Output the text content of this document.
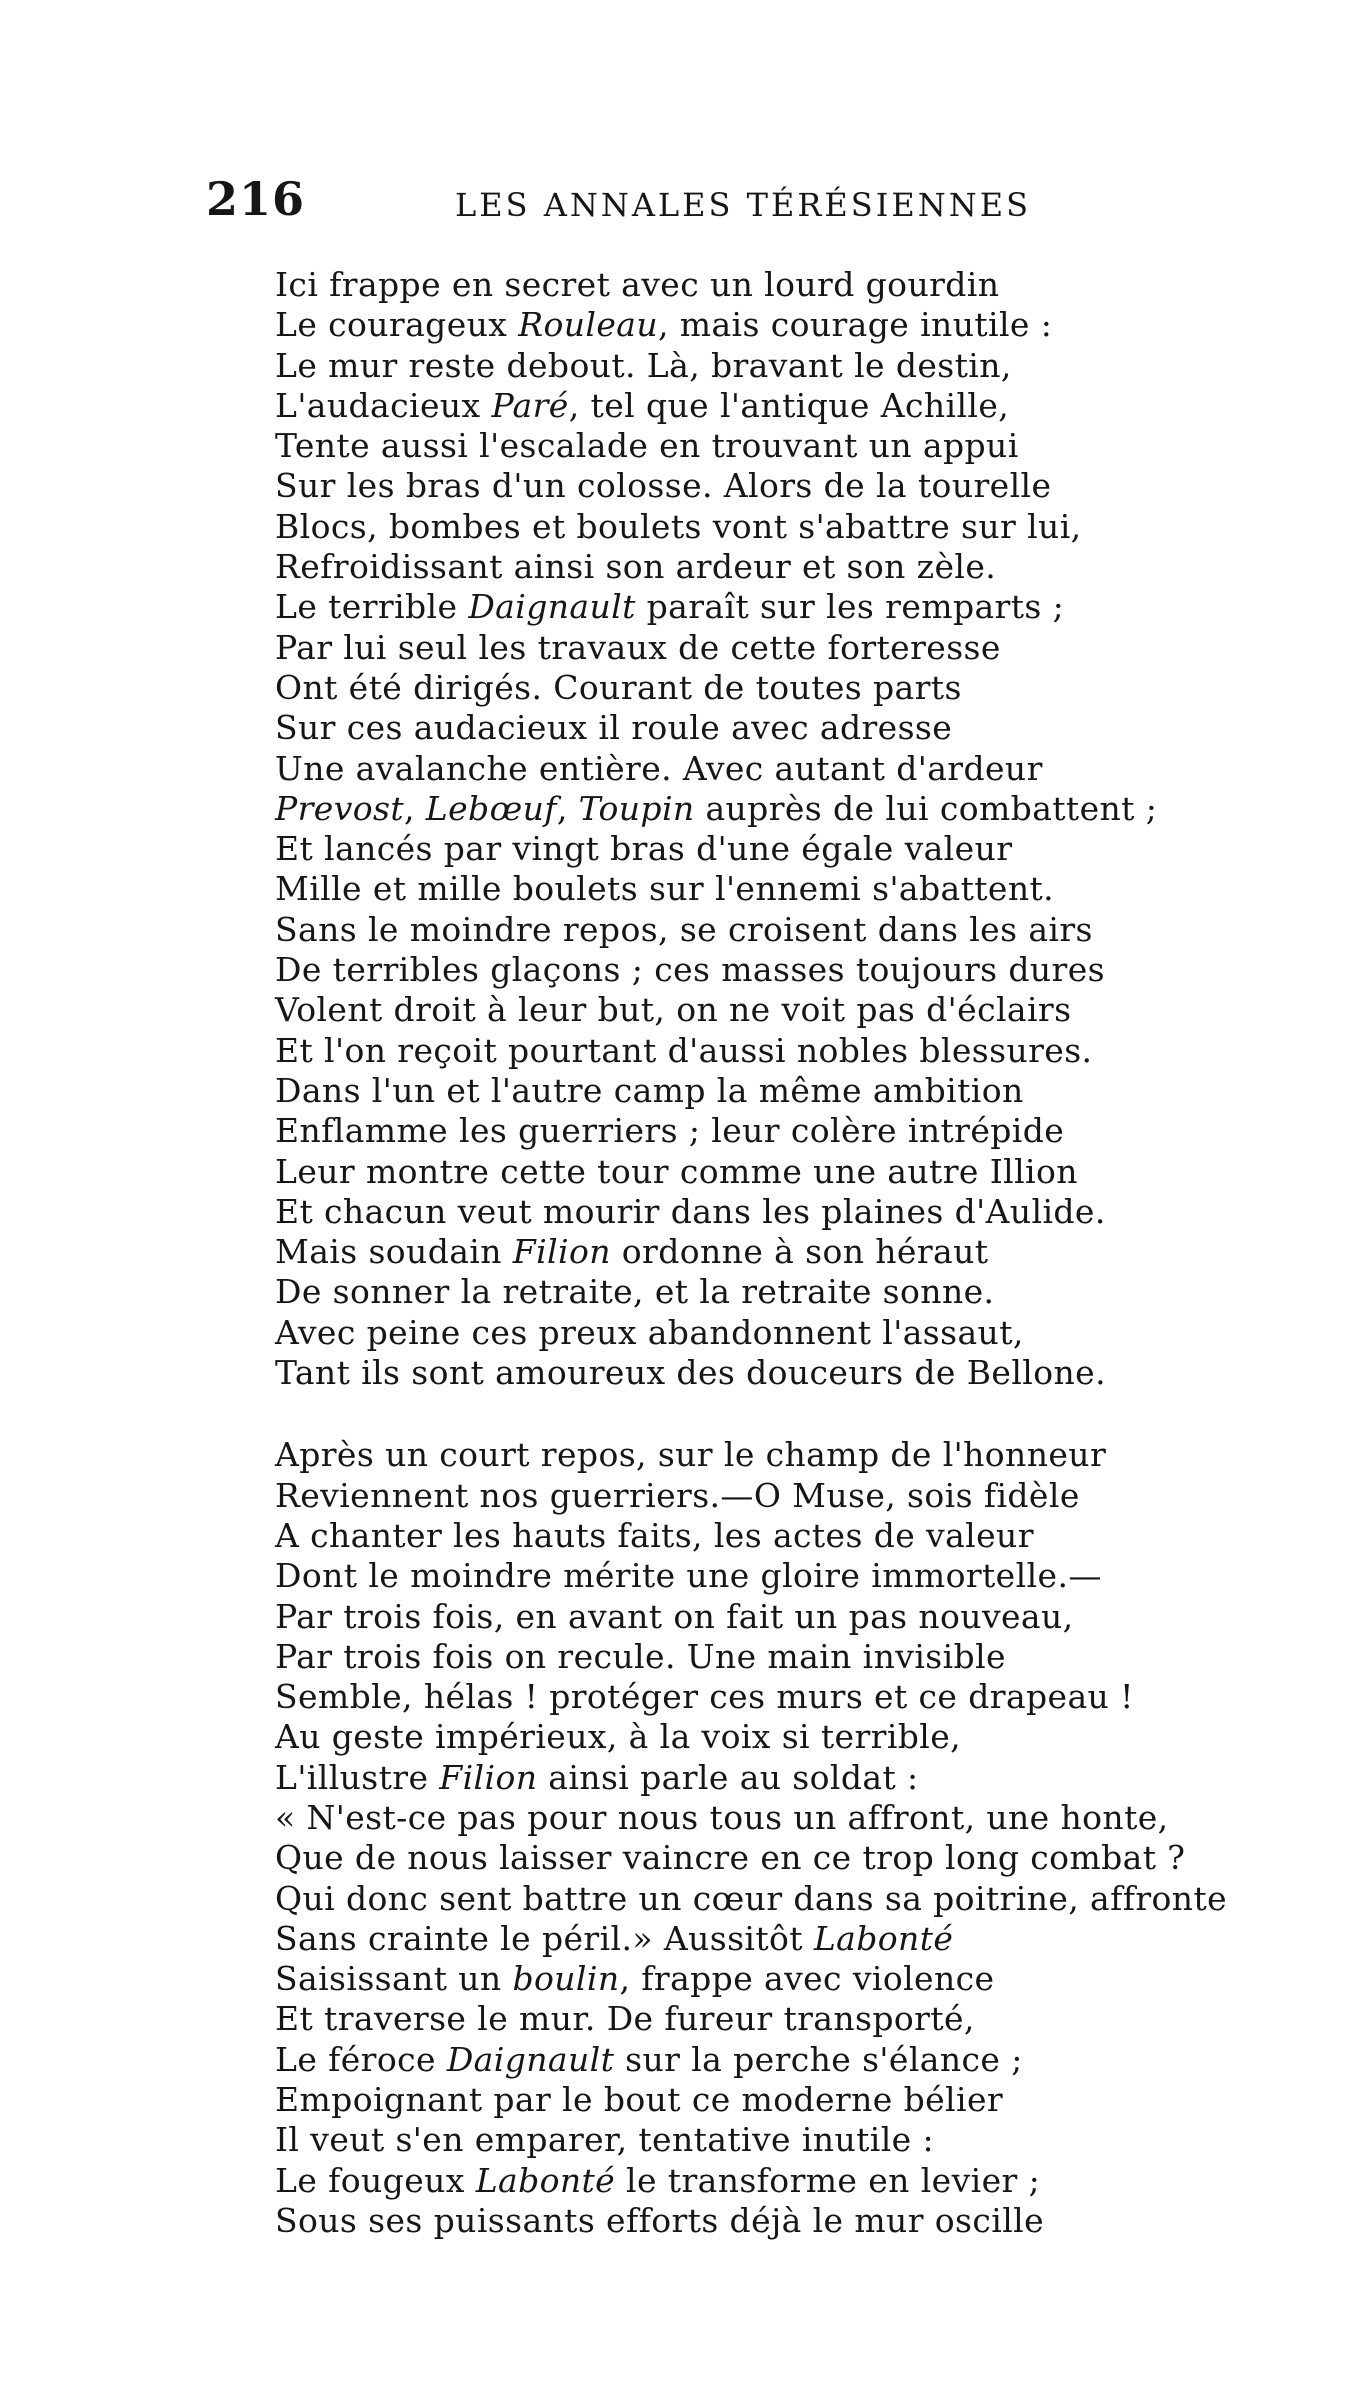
216	LES ANNALES TÉRÉSIENNES
Ici frappe en secret avec un lourd gourdin
Le courageux Rouleau, mais courage inutile :
Le mur reste debout. Là, bravant le destin,
L'audacieux Paré, tel que l'antique Achille,
Tente aussi l'escalade en trouvant un appui
Sur les bras d'un colosse. Alors de la tourelle
Blocs, bombes et boulets vont s'abattre sur lui,
Refroidissant ainsi son ardeur et son zèle.
Le terrible Daignault paraît sur les remparts ;
Par lui seul les travaux de cette forteresse
Ont été dirigés. Courant de toutes parts
Sur ces audacieux il roule avec adresse
Une avalanche entière. Avec autant d'ardeur
Prevost, Lebœuf, Toupin auprès de lui combattent ;
Et lancés par vingt bras d'une égale valeur
Mille et mille boulets sur l'ennemi s'abattent.
Sans le moindre repos, se croisent dans les airs
De terribles glaçons ; ces masses toujours dures
Volent droit à leur but, on ne voit pas d'éclairs
Et l'on reçoit pourtant d'aussi nobles blessures.
Dans l'un et l'autre camp la même ambition
Enflamme les guerriers ; leur colère intrépide
Leur montre cette tour comme une autre Illion
Et chacun veut mourir dans les plaines d'Aulide.
Mais soudain Filion ordonne à son héraut
De sonner la retraite, et la retraite sonne.
Avec peine ces preux abandonnent l'assaut,
Tant ils sont amoureux des douceurs de Bellone.
Après un court repos, sur le champ de l'honneur
Reviennent nos guerriers.—O Muse, sois fidèle
A chanter les hauts faits, les actes de valeur
Dont le moindre mérite une gloire immortelle.—
Par trois fois, en avant on fait un pas nouveau,
Par trois fois on recule. Une main invisible
Semble, hélas ! protéger ces murs et ce drapeau !
Au geste impérieux, à la voix si terrible,
L'illustre Filion ainsi parle au soldat :
« N'est-ce pas pour nous tous un affront, une honte,
Que de nous laisser vaincre en ce trop long combat ?
Qui donc sent battre un cœur dans sa poitrine, affronte
Sans crainte le péril.» Aussitôt Labonté
Saisissant un boulin, frappe avec violence
Et traverse le mur. De fureur transporté,
Le féroce Daignault sur la perche s'élance ;
Empoignant par le bout ce moderne bélier
Il veut s'en emparer, tentative inutile :
Le fougeux Labonté le transforme en levier ;
Sous ses puissants efforts déjà le mur oscille
